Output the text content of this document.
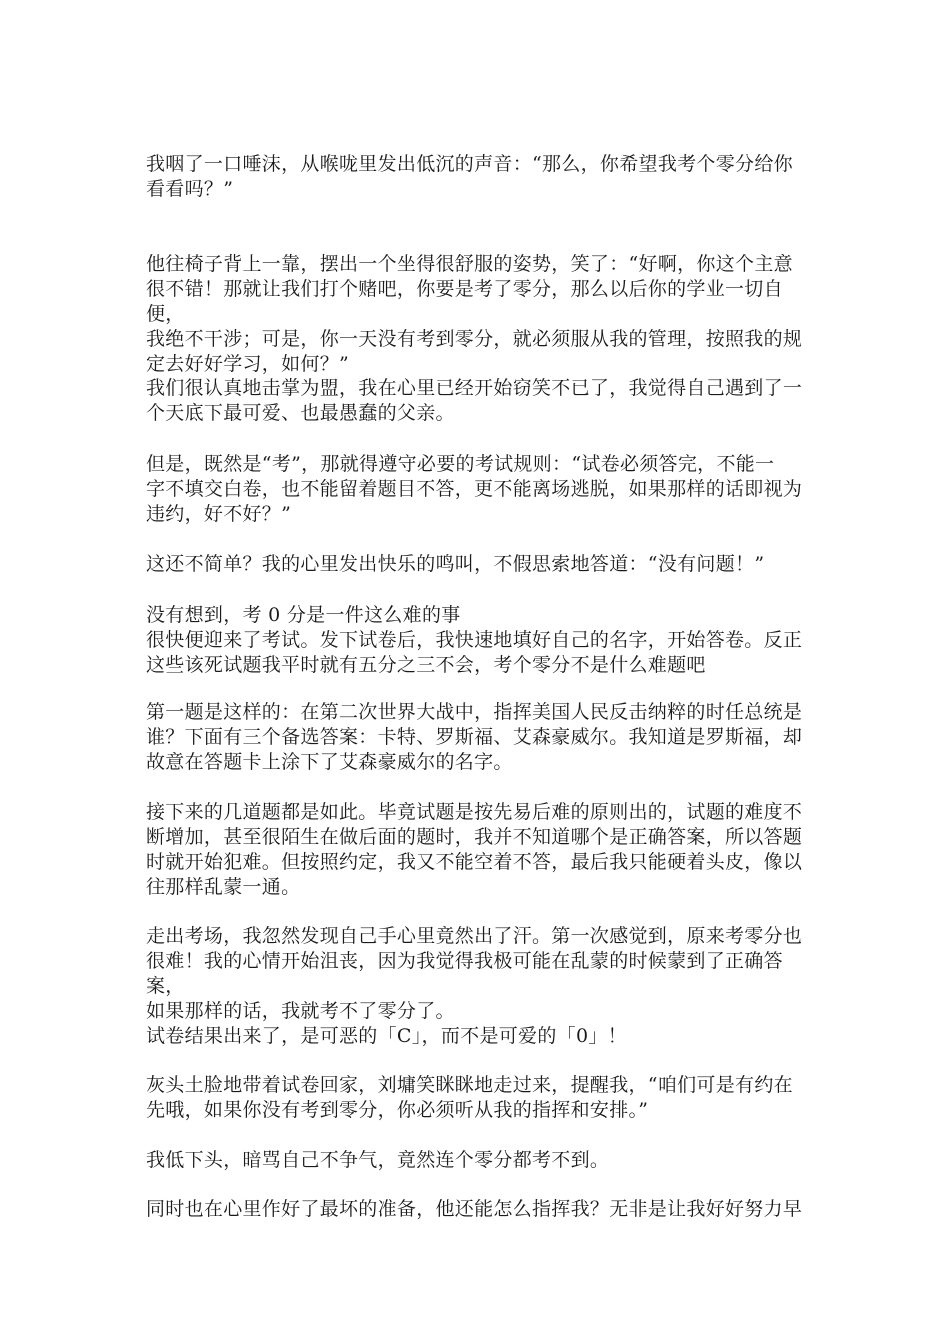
我咽了一口唾沫，从喉咙里发出低沉的声音：“那么，你希望我考个零分给你
看看吗？”

他往椅子背上一靠，摆出一个坐得很舒服的姿势，笑了：“好啊，你这个主意
很不错！那就让我们打个赌吧，你要是考了零分，那么以后你的学业一切自便，
我绝不干涉；可是，你一天没有考到零分，就必须服从我的管理，按照我的规
定去好好学习，如何？”

我们很认真地击掌为盟，我在心里已经开始窃笑不已了，我觉得自己遇到了一
个天底下最可爱、也最愚蠢的父亲。

但是，既然是“考”，那就得遵守必要的考试规则：“试卷必须答完，不能一
字不填交白卷，也不能留着题目不答，更不能离场逃脱，如果那样的话即视为
违约，好不好？”

这还不简单？我的心里发出快乐的鸣叫，不假思索地答道：“没有问题！”

没有想到，考 0 分是一件这么难的事
很快便迎来了考试。发下试卷后，我快速地填好自己的名字，开始答卷。反正
这些该死试题我平时就有五分之三不会，考个零分不是什么难题吧

第一题是这样的：在第二次世界大战中，指挥美国人民反击纳粹的时任总统是
谁？下面有三个备选答案：卡特、罗斯福、艾森豪威尔。我知道是罗斯福，却
故意在答题卡上涂下了艾森豪威尔的名字。

接下来的几道题都是如此。毕竟试题是按先易后难的原则出的，试题的难度不
断增加，甚至很陌生在做后面的题时，我并不知道哪个是正确答案，所以答题
时就开始犯难。但按照约定，我又不能空着不答，最后我只能硬着头皮，像以
往那样乱蒙一通。

走出考场，我忽然发现自己手心里竟然出了汗。第一次感觉到，原来考零分也
很难！我的心情开始沮丧，因为我觉得我极可能在乱蒙的时候蒙到了正确答案，
如果那样的话，我就考不了零分了。

试卷结果出来了，是可恶的「C」，而不是可爱的「0」！

灰头土脸地带着试卷回家，刘墉笑眯眯地走过来，提醒我，“咱们可是有约在
先哦，如果你没有考到零分，你必须听从我的指挥和安排。”

我低下头，暗骂自己不争气，竟然连个零分都考不到。

同时也在心里作好了最坏的准备，他还能怎么指挥我？无非是让我好好努力早
